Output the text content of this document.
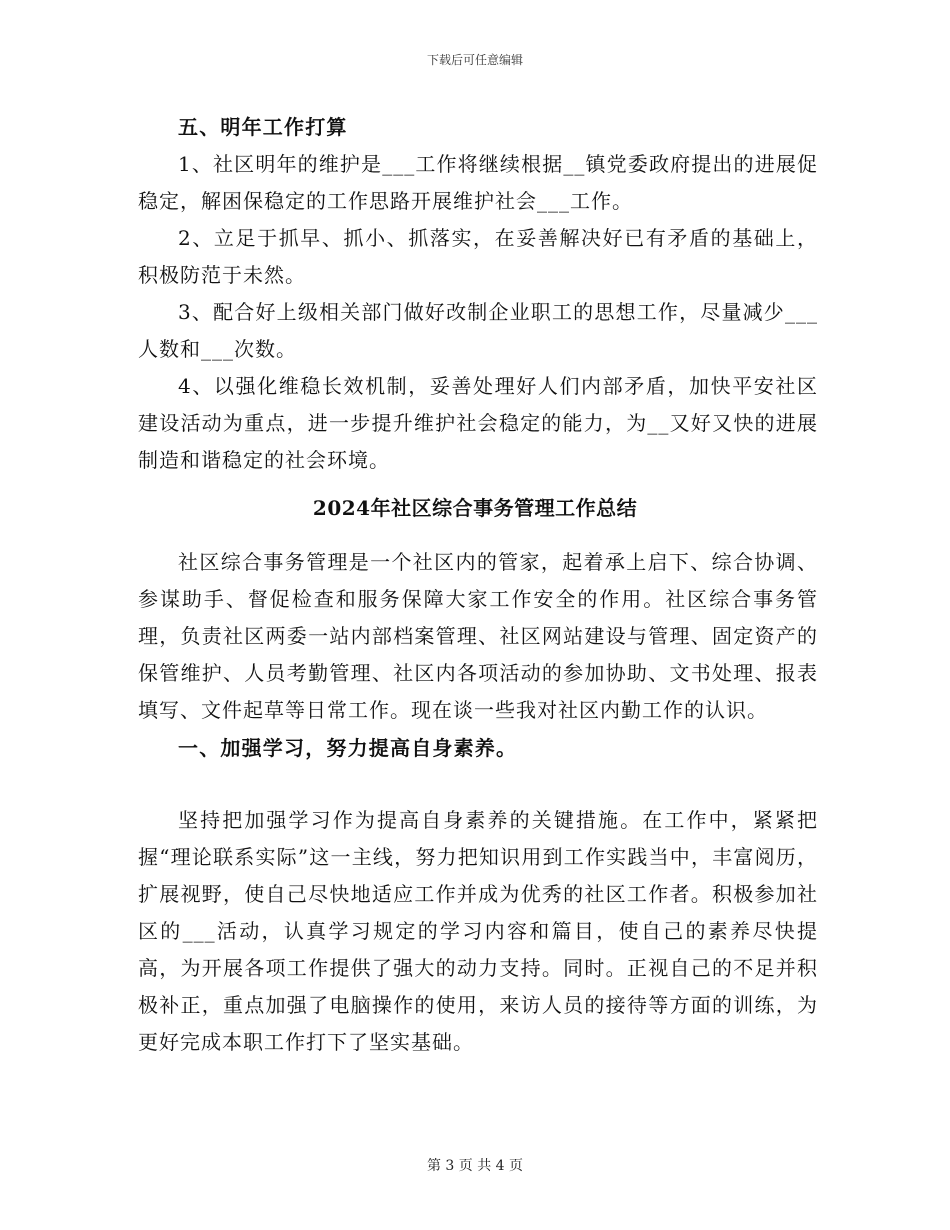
下载后可任意编辑

五、明年工作打算

1、社区明年的维护是___工作将继续根据__镇党委政府提出的进展促稳定，解困保稳定的工作思路开展维护社会___工作。

2、立足于抓早、抓小、抓落实，在妥善解决好已有矛盾的基础上，积极防范于未然。

3、配合好上级相关部门做好改制企业职工的思想工作，尽量减少___人数和___次数。

4、以强化维稳长效机制，妥善处理好人们内部矛盾，加快平安社区建设活动为重点，进一步提升维护社会稳定的能力，为__又好又快的进展制造和谐稳定的社会环境。

2024年社区综合事务管理工作总结

社区综合事务管理是一个社区内的管家，起着承上启下、综合协调、参谋助手、督促检查和服务保障大家工作安全的作用。社区综合事务管理，负责社区两委一站内部档案管理、社区网站建设与管理、固定资产的保管维护、人员考勤管理、社区内各项活动的参加协助、文书处理、报表填写、文件起草等日常工作。现在谈一些我对社区内勤工作的认识。

一、加强学习，努力提高自身素养。

坚持把加强学习作为提高自身素养的关键措施。在工作中，紧紧把握“理论联系实际”这一主线，努力把知识用到工作实践当中，丰富阅历，扩展视野，使自己尽快地适应工作并成为优秀的社区工作者。积极参加社区的___活动，认真学习规定的学习内容和篇目，使自己的素养尽快提高，为开展各项工作提供了强大的动力支持。同时。正视自己的不足并积极补正，重点加强了电脑操作的使用，来访人员的接待等方面的训练，为更好完成本职工作打下了坚实基础。

第 3 页 共 4 页
